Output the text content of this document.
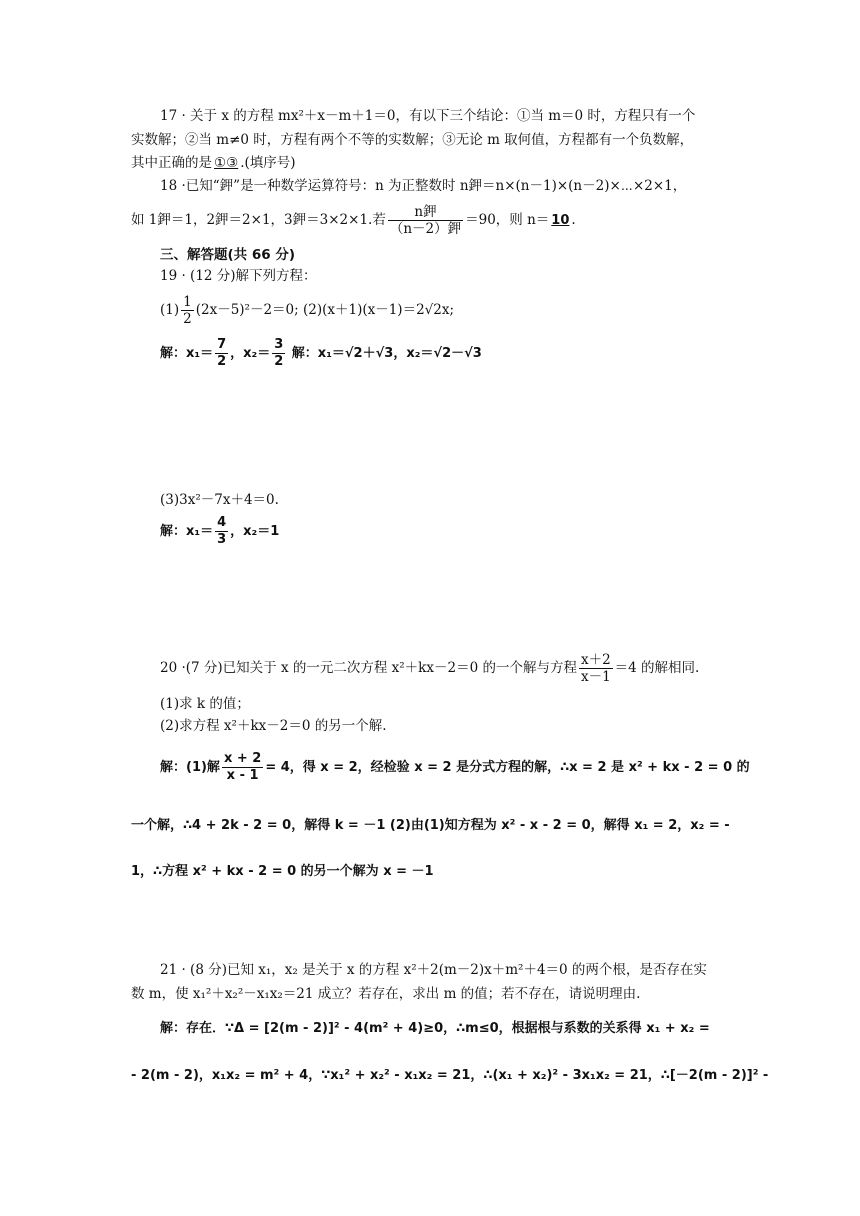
17 · 关于 x 的方程 mx²＋x－m＋1＝0，有以下三个结论：①当 m＝0 时，方程只有一个
实数解；②当 m≠0 时，方程有两个不等的实数解；③无论 m 取何值，方程都有一个负数解，
其中正确的是 ①③ .(填序号)
18 ·已知“鉀”是一种数学运算符号：n 为正整数时 n鉀＝n×(n－1)×(n－2)×⋯×2×1，
如 1鉀＝1，2鉀＝2×1，3鉀＝3×2×1.若 $\frac{\text{n鉀}}{\text{（n－2）鉀}} =90$，则 n＝ 10 .
三、解答题(共 66 分)
19 · (12 分)解下列方程：
$(1) \frac{1}{2} (2x-5)^2-2=0$; (2)(x＋1)(x－1)＝2√2x;
解：$x_1= \frac{7}{2}$ ，$x_2= \frac{3}{2}$ 解：x₁＝√2＋√3，x₂＝√2－√3
(3)3x²－7x＋4＝0.
解：$x_1= \frac{4}{3}$ ，x₂＝1
20 ·(7 分)已知关于 x 的一元二次方程 x²＋kx－2＝0 的一个解与方程 $\frac{x+2}{x-1} =4$ 的解相同.
(1)求 k 的值；
(2)求方程 x²＋kx－2＝0 的另一个解.
解：(1)解 $\frac{x + 2}{x - 1} = 4$，得 x = 2，经检验 x = 2 是分式方程的解，∴x = 2 是 x² + kx - 2 = 0 的
一个解，∴4 + 2k - 2 = 0，解得 k = －1 (2)由(1)知方程为 x² - x - 2 = 0，解得 x₁ = 2，x₂ = -
1，∴方程 x² + kx - 2 = 0 的另一个解为 x = －1
21 · (8 分)已知 x₁，x₂ 是关于 x 的方程 x²＋2(m－2)x＋m²＋4＝0 的两个根，是否存在实
数 m，使 x₁²＋x₂²－x₁x₂＝21 成立？若存在，求出 m 的值；若不存在，请说明理由.
解：存在．∵Δ = [2(m - 2)]² - 4(m² + 4)≥0，∴m≤0，根据根与系数的关系得 x₁ + x₂ =
- 2(m - 2)，x₁x₂ = m² + 4，∵x₁² + x₂² - x₁x₂ = 21，∴(x₁ + x₂)² - 3x₁x₂ = 21，∴[－2(m - 2)]² -
